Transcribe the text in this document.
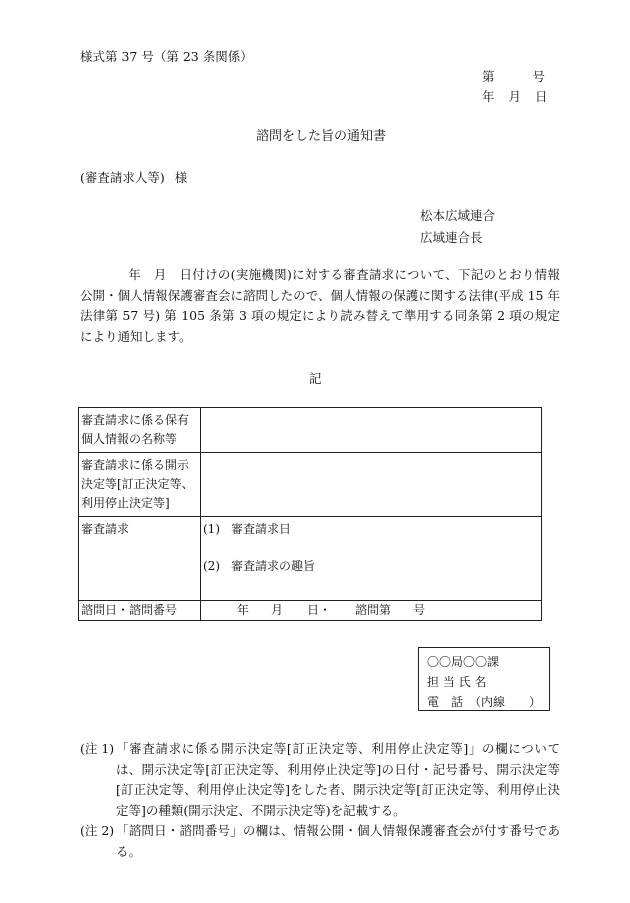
様式第 37 号（第 23 条関係）
第	号
年 月 日
諮問をした旨の通知書
(審査請求人等) 様
松本広域連合
広域連合長
年　 月　 日付けの(実施機関)に対する審査請求について、下記のとおり情報公開・個人情報保護審査会に諮問したので、個人情報の保護に関する法律(平成 15 年法律第 57 号) 第 105 条第 3 項の規定により読み替えて準用する同条第 2 項の規定により通知します。
記
審査請求に係る保有個人情報の名称等	
審査請求に係る開示決定等[訂正決定等、利用停止決定等]	
審査請求	(1) 審査請求日
(2) 審査請求の趣旨

諮問日・諮問番号	年 月 日・ 諮問第 号
〇〇局〇〇課
担 当 氏 名
電　話　（内線　　）
(注 1) 「審査請求に係る開示決定等[訂正決定等、利用停止決定等]」の欄については、開示決定等[訂正決定等、利用停止決定等]の日付・記号番号、開示決定等[訂正決定等、利用停止決定等]をした者、開示決定等[訂正決定等、利用停止決定等]の種類(開示決定、不開示決定等)を記載する。
(注 2) 「諮問日・諮問番号」の欄は、情報公開・個人情報保護審査会が付す番号である。
